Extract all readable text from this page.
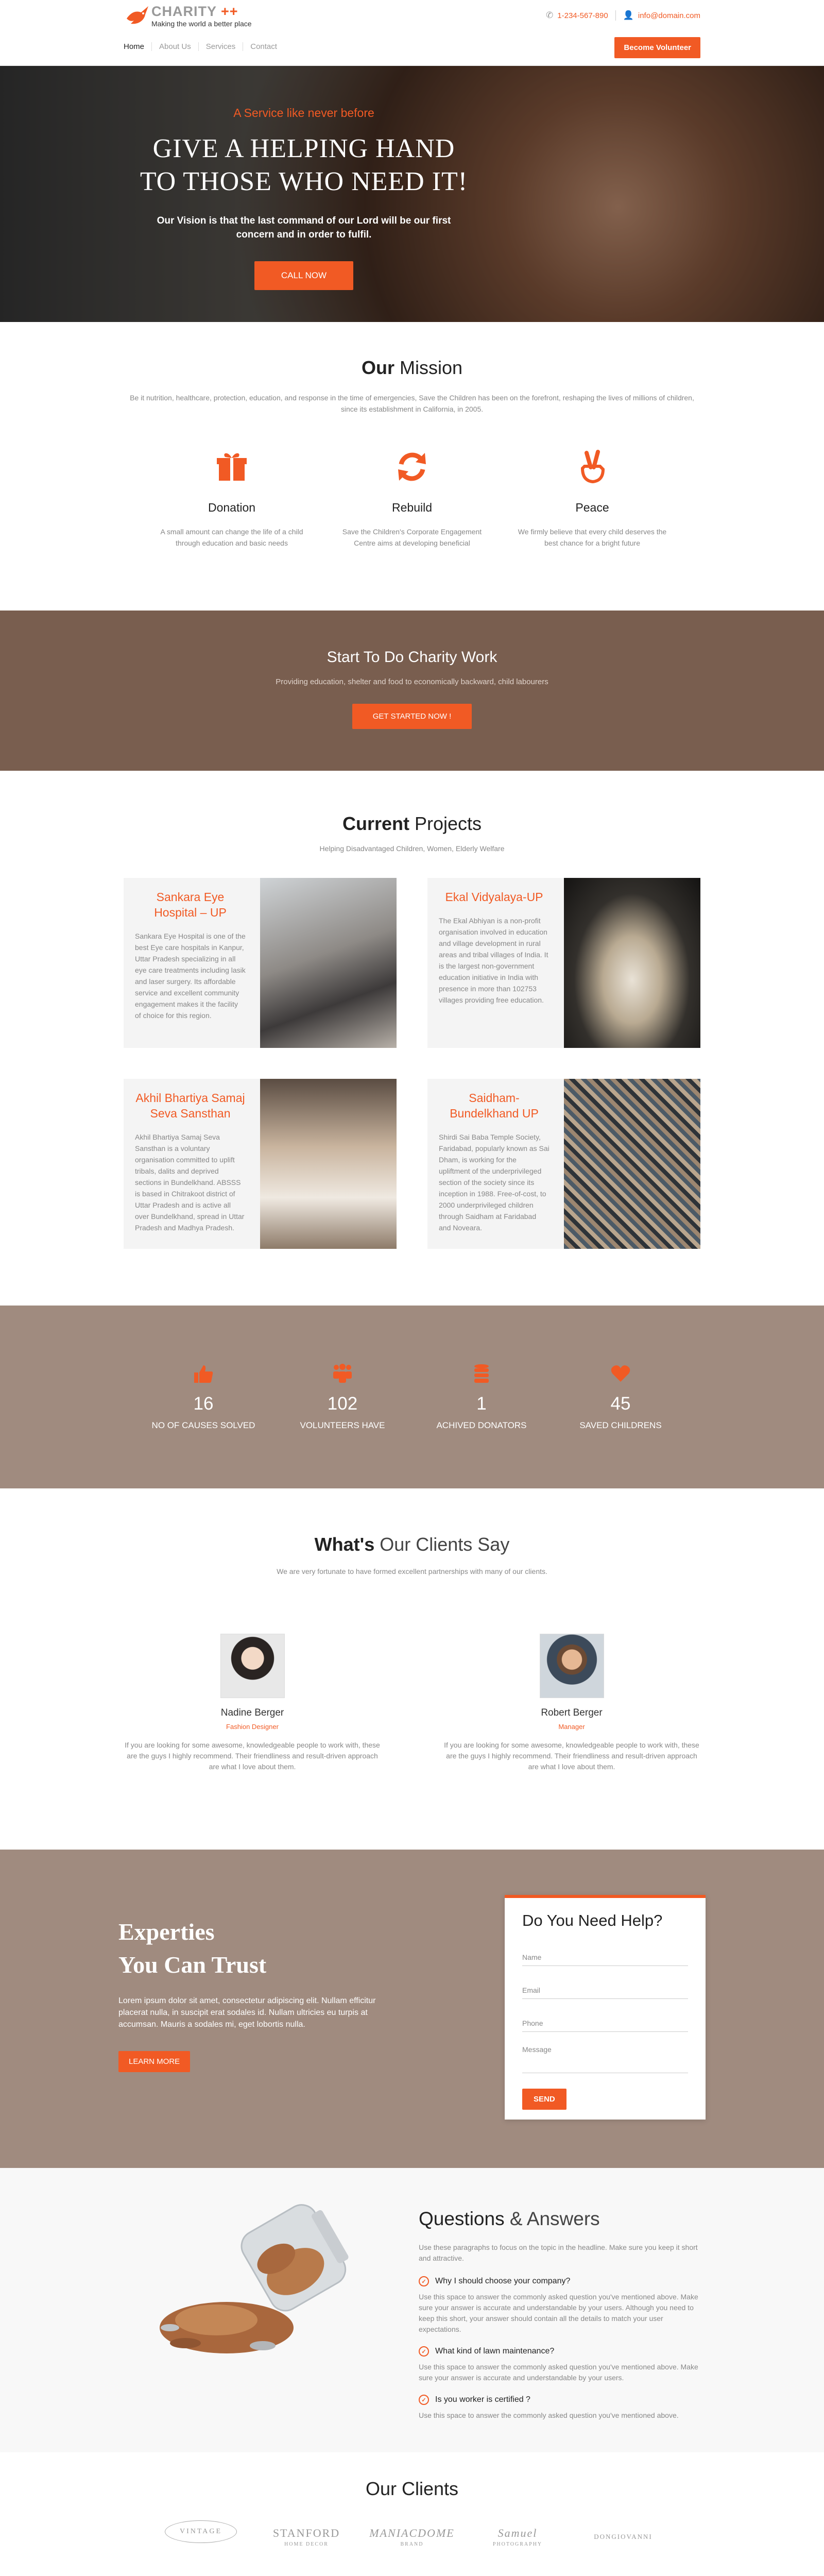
CHARITY ++
Making the world a better place
✆ 1-234-567-890 👤 info@domain.com
Home	About Us	Services	Contact	Become Volunteer
A Service like never before
GIVE A HELPING HAND
TO THOSE WHO NEED IT!
Our Vision is that the last command of our Lord will be our first concern and in order to fulfil.
CALL NOW
Our Mission

Be it nutrition, healthcare, protection, education, and response in the time of emergencies, Save the Children has been on the forefront, reshaping the lives of millions of children, since its establishment in California, in 2005.

Donation

A small amount can change the life of a child through education and basic needs

Rebuild

Save the Children's Corporate Engagement Centre aims at developing beneficial

Peace

We firmly believe that every child deserves the best chance for a bright future

Start To Do Charity Work

Providing education, shelter and food to economically backward, child labourers

GET STARTED NOW !
Current Projects

Helping Disadvantaged Children, Women, Elderly Welfare

Sankara Eye Hospital – UP

Sankara Eye Hospital is one of the best Eye care hospitals in Kanpur, Uttar Pradesh specializing in all eye care treatments including lasik and laser surgery. Its affordable service and excellent community engagement makes it the facility of choice for this region.

Ekal Vidyalaya-UP

The Ekal Abhiyan is a non-profit organisation involved in education and village development in rural areas and tribal villages of India. It is the largest non-government education initiative in India with presence in more than 102753 villages providing free education.

Akhil Bhartiya Samaj Seva Sansthan

Akhil Bhartiya Samaj Seva Sansthan is a voluntary organisation committed to uplift tribals, dalits and deprived sections in Bundelkhand. ABSSS is based in Chitrakoot district of Uttar Pradesh and is active all over Bundelkhand, spread in Uttar Pradesh and Madhya Pradesh.

Saidham-Bundelkhand UP

Shirdi Sai Baba Temple Society, Faridabad, popularly known as Sai Dham, is working for the upliftment of the underprivileged section of the society since its inception in 1988. Free-of-cost, to 2000 underprivileged children through Saidham at Faridabad and Noveara.

16
NO OF CAUSES SOLVED
102
VOLUNTEERS HAVE
1
ACHIVED DONATORS
45
SAVED CHILDRENS
What's Our Clients Say

We are very fortunate to have formed excellent partnerships with many of our clients.

Nadine Berger
Fashion Designer

If you are looking for some awesome, knowledgeable people to work with, these are the guys I highly recommend. Their friendliness and result-driven approach are what I love about them.

Robert Berger
Manager

If you are looking for some awesome, knowledgeable people to work with, these are the guys I highly recommend. Their friendliness and result-driven approach are what I love about them.

Experties
You Can Trust

Lorem ipsum dolor sit amet, consectetur adipiscing elit. Nullam efficitur placerat nulla, in suscipit erat sodales id. Nullam ultricies eu turpis at accumsan. Mauris a sodales mi, eget lobortis nulla.

LEARN MORE
Do You Need Help?
Name
Email
Phone
Message
SEND
Questions & Answers

Use these paragraphs to focus on the topic in the headline. Make sure you keep it short and attractive.

✓	Why I should choose your company?

Use this space to answer the commonly asked question you've mentioned above. Make sure your answer is accurate and understandable by your users. Although you need to keep this short, your answer should contain all the details to match your user expectations.

✓	What kind of lawn maintenance?

Use this space to answer the commonly asked question you've mentioned above. Make sure your answer is accurate and understandable by your users.

✓	Is you worker is certified ?

Use this space to answer the commonly asked question you've mentioned above.

Our Clients
VINTAGE	STANFORD
HOME DECOR
MANIACDOME
BRAND
Samuel
PHOTOGRAPHY
DONGIOVANNI
